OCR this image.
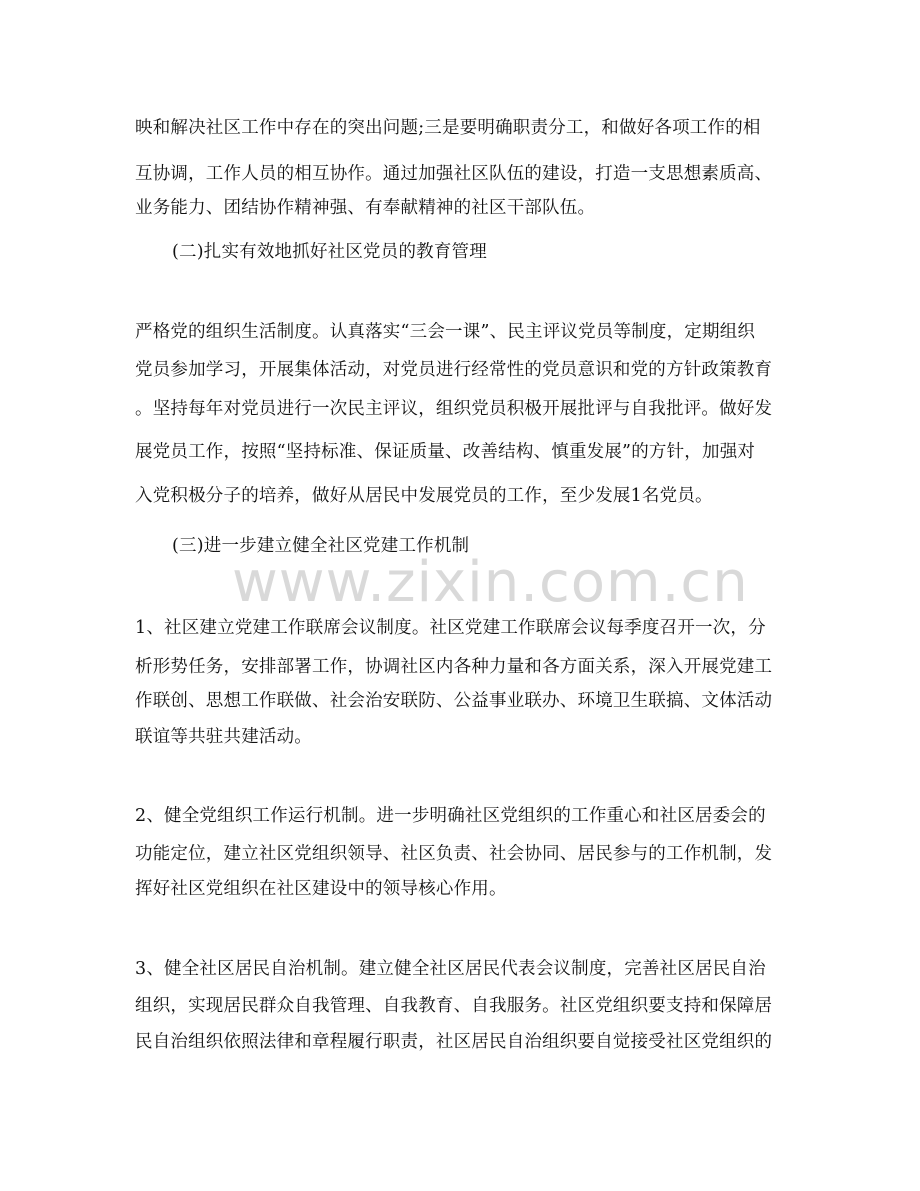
映和解决社区工作中存在的突出问题;三是要明确职责分工，和做好各项工作的相
互协调，工作人员的相互协作。通过加强社区队伍的建设，打造一支思想素质高、
业务能力、团结协作精神强、有奉献精神的社区干部队伍。
(二)扎实有效地抓好社区党员的教育管理
严格党的组织生活制度。认真落实“三会一课”、民主评议党员等制度，定期组织
党员参加学习，开展集体活动，对党员进行经常性的党员意识和党的方针政策教育
。坚持每年对党员进行一次民主评议，组织党员积极开展批评与自我批评。做好发
展党员工作，按照“坚持标准、保证质量、改善结构、慎重发展”的方针，加强对
入党积极分子的培养，做好从居民中发展党员的工作，至少发展1名党员。
(三)进一步建立健全社区党建工作机制
1、社区建立党建工作联席会议制度。社区党建工作联席会议每季度召开一次，分
析形势任务，安排部署工作，协调社区内各种力量和各方面关系，深入开展党建工
作联创、思想工作联做、社会治安联防、公益事业联办、环境卫生联搞、文体活动
联谊等共驻共建活动。
2、健全党组织工作运行机制。进一步明确社区党组织的工作重心和社区居委会的
功能定位，建立社区党组织领导、社区负责、社会协同、居民参与的工作机制，发
挥好社区党组织在社区建设中的领导核心作用。
3、健全社区居民自治机制。建立健全社区居民代表会议制度，完善社区居民自治
组织，实现居民群众自我管理、自我教育、自我服务。社区党组织要支持和保障居
民自治组织依照法律和章程履行职责，社区居民自治组织要自觉接受社区党组织的
www.zixin.com.cn
